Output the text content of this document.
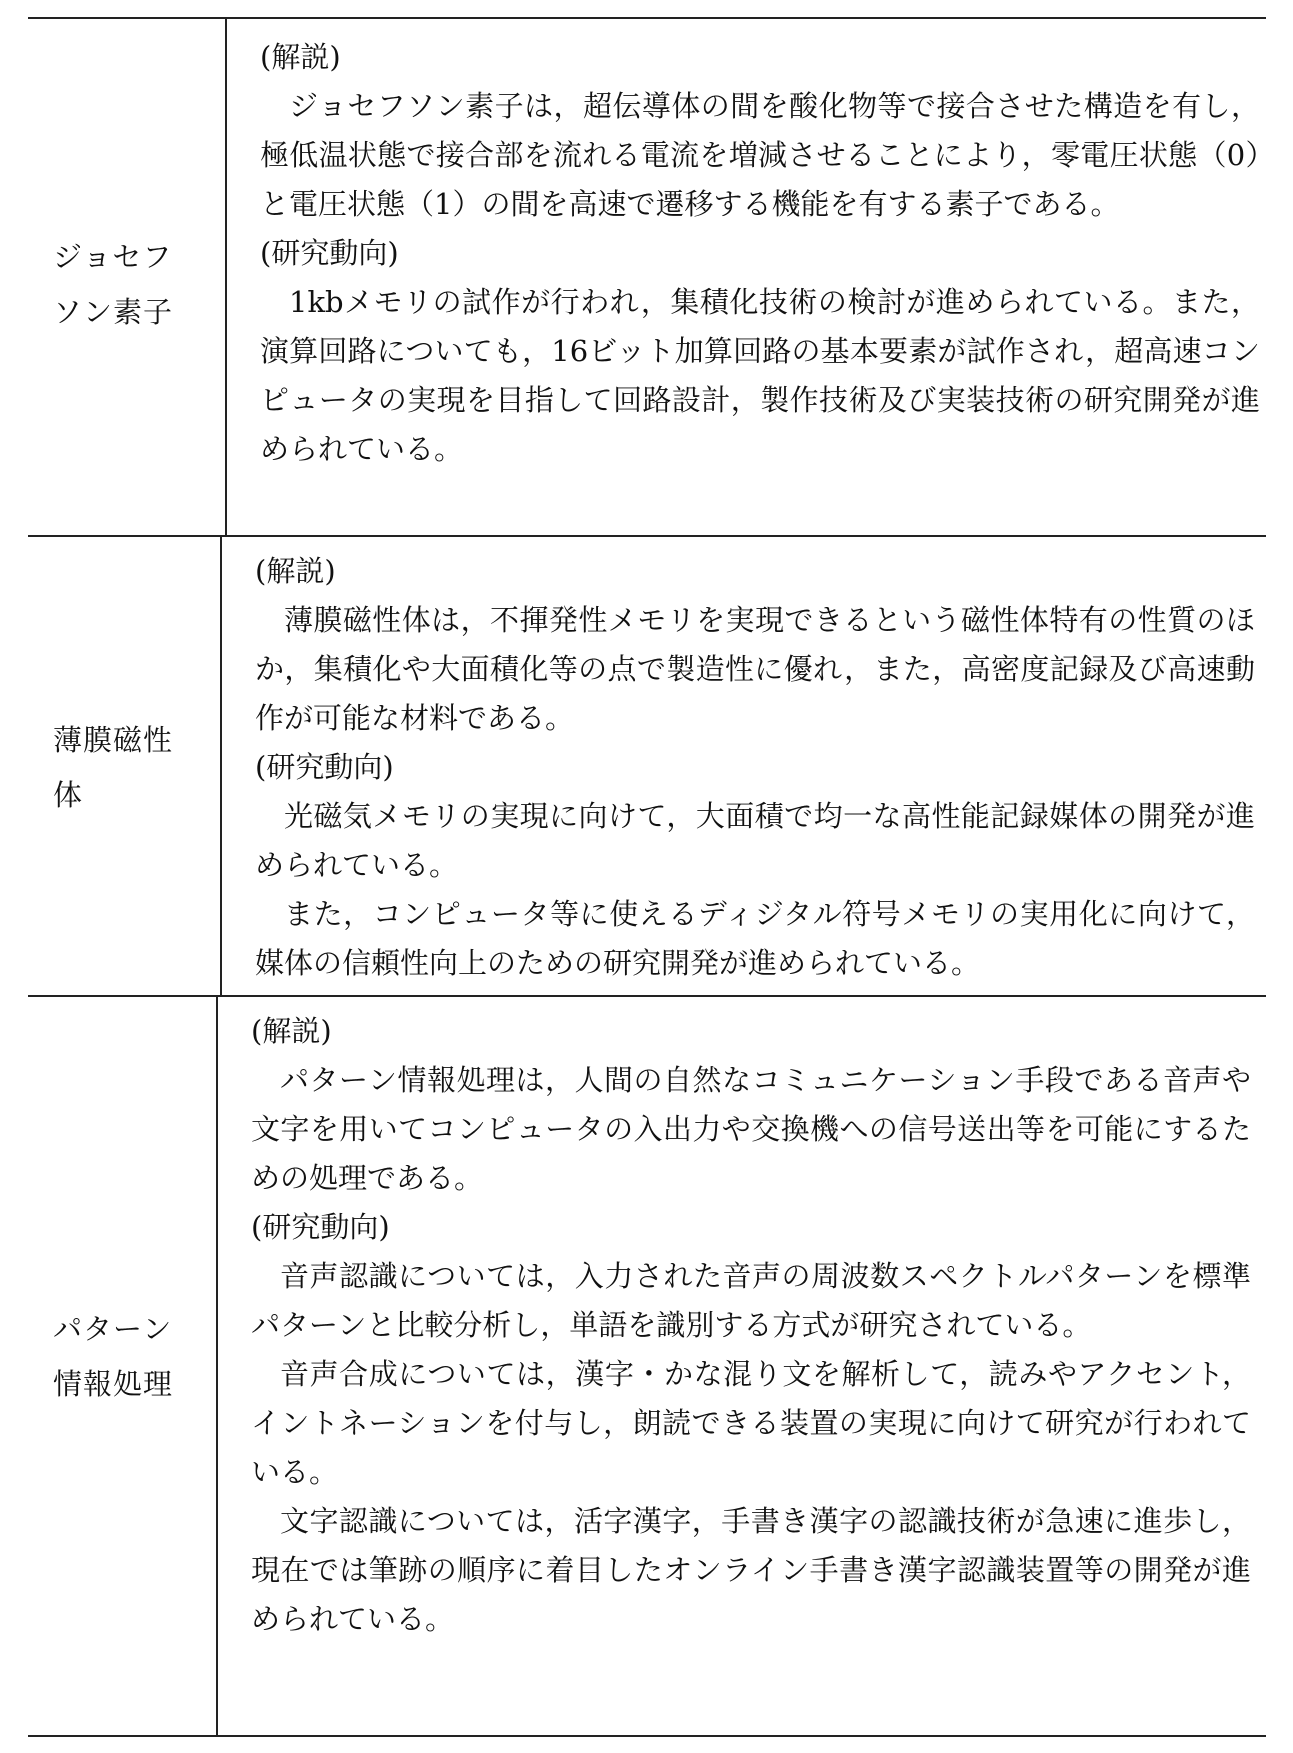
ジョセフ
ソン素子

(解説)

ジョセフソン素子は，超伝導体の間を酸化物等で接合させた構造を有し，極低温状態で接合部を流れる電流を増減させることにより，零電圧状態（0）と電圧状態（1）の間を高速で遷移する機能を有する素子である。

(研究動向)

1kbメモリの試作が行われ，集積化技術の検討が進められている。また，演算回路についても，16ビット加算回路の基本要素が試作され，超高速コンピュータの実現を目指して回路設計，製作技術及び実装技術の研究開発が進められている。

薄膜磁性
体

(解説)

薄膜磁性体は，不揮発性メモリを実現できるという磁性体特有の性質のほか，集積化や大面積化等の点で製造性に優れ，また，高密度記録及び高速動作が可能な材料である。

(研究動向)

光磁気メモリの実現に向けて，大面積で均一な高性能記録媒体の開発が進められている。

また，コンピュータ等に使えるディジタル符号メモリの実用化に向けて，媒体の信頼性向上のための研究開発が進められている。

パターン
情報処理

(解説)

パターン情報処理は，人間の自然なコミュニケーション手段である音声や文字を用いてコンピュータの入出力や交換機への信号送出等を可能にするための処理である。

(研究動向)

音声認識については，入力された音声の周波数スペクトルパターンを標準パターンと比較分析し，単語を識別する方式が研究されている。

音声合成については，漢字・かな混り文を解析して，読みやアクセント，イントネーションを付与し，朗読できる装置の実現に向けて研究が行われている。

文字認識については，活字漢字，手書き漢字の認識技術が急速に進歩し，現在では筆跡の順序に着目したオンライン手書き漢字認識装置等の開発が進められている。
